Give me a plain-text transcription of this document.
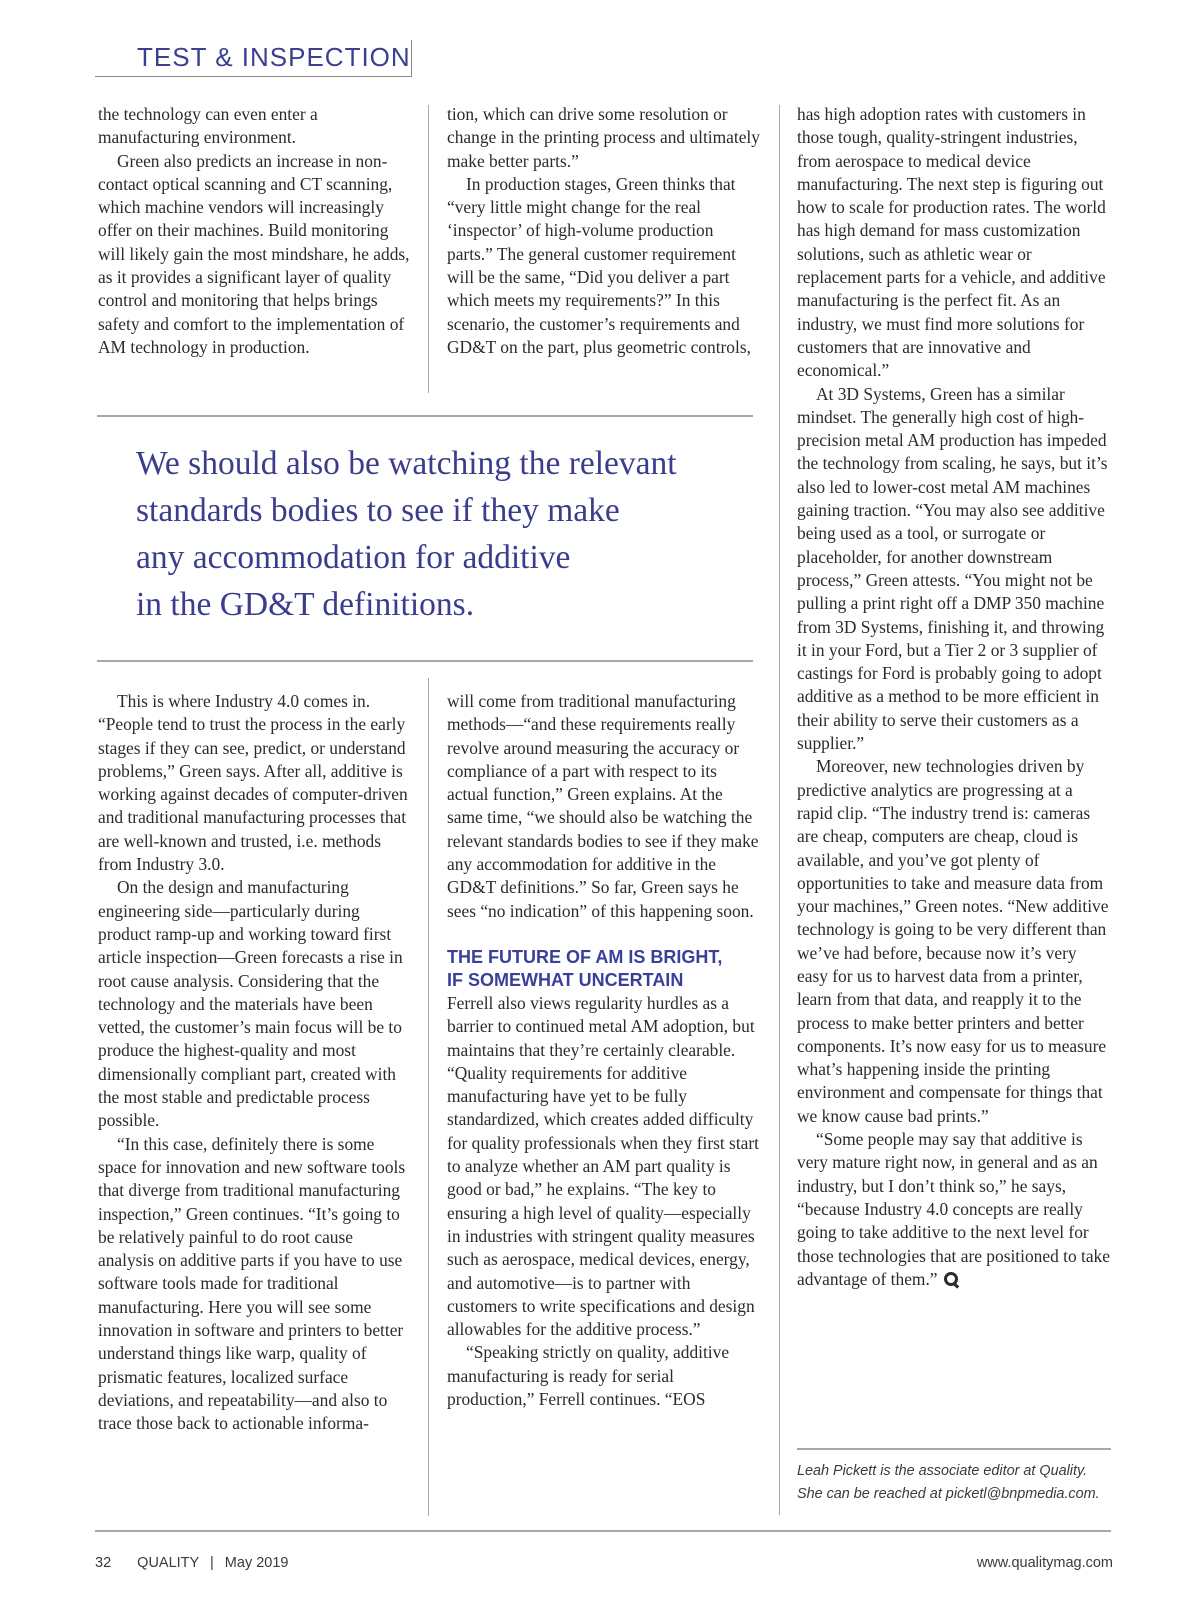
TEST & INSPECTION

the technology can even enter a manufacturing environment.

Green also predicts an increase in non-contact optical scanning and CT scanning, which machine vendors will increasingly offer on their machines. Build monitoring will likely gain the most mindshare, he adds, as it provides a significant layer of quality control and monitoring that helps brings safety and comfort to the implementation of AM technology in production.

tion, which can drive some resolution or change in the printing process and ultimately make better parts.”

In production stages, Green thinks that “very little might change for the real ‘inspector’ of high-volume production parts.” The general customer requirement will be the same, “Did you deliver a part which meets my requirements?” In this scenario, the customer’s requirements and GD&T on the part, plus geometric controls,

We should also be watching the relevant
standards bodies to see if they make
any accommodation for additive
in the GD&T definitions.

This is where Industry 4.0 comes in. “People tend to trust the process in the early stages if they can see, predict, or understand problems,” Green says. After all, additive is working against decades of computer-driven and traditional manufacturing processes that are well-known and trusted, i.e. methods from Industry 3.0.

On the design and manufacturing engineering side—particularly during product ramp-up and working toward first article inspection—Green forecasts a rise in root cause analysis. Considering that the technology and the materials have been vetted, the customer’s main focus will be to produce the highest-quality and most dimensionally compliant part, created with the most stable and predictable process possible.

“In this case, definitely there is some space for innovation and new software tools that diverge from traditional manufacturing inspection,” Green continues. “It’s going to be relatively painful to do root cause analysis on additive parts if you have to use software tools made for traditional manufacturing. Here you will see some innovation in software and printers to better understand things like warp, quality of prismatic features, localized surface deviations, and repeatability—and also to trace those back to actionable informa-

will come from traditional manufacturing methods—“and these requirements really revolve around measuring the accuracy or compliance of a part with respect to its actual function,” Green explains. At the same time, “we should also be watching the relevant standards bodies to see if they make any accommodation for additive in the GD&T definitions.” So far, Green says he sees “no indication” of this happening soon.

THE FUTURE OF AM IS BRIGHT,
IF SOMEWHAT UNCERTAIN

Ferrell also views regularity hurdles as a barrier to continued metal AM adoption, but maintains that they’re certainly clearable. “Quality requirements for additive manufacturing have yet to be fully standardized, which creates added difficulty for quality professionals when they first start to analyze whether an AM part quality is good or bad,” he explains. “The key to ensuring a high level of quality—especially in industries with stringent quality measures such as aerospace, medical devices, energy, and automotive—is to partner with customers to write specifications and design allowables for the additive process.”

“Speaking strictly on quality, additive manufacturing is ready for serial production,” Ferrell continues. “EOS

has high adoption rates with customers in those tough, quality-stringent industries, from aerospace to medical device manufacturing. The next step is figuring out how to scale for production rates. The world has high demand for mass customization solutions, such as athletic wear or replacement parts for a vehicle, and additive manufacturing is the perfect fit. As an industry, we must find more solutions for customers that are innovative and economical.”

At 3D Systems, Green has a similar mindset. The generally high cost of high-precision metal AM production has impeded the technology from scaling, he says, but it’s also led to lower-cost metal AM machines gaining traction. “You may also see additive being used as a tool, or surrogate or placeholder, for another downstream process,” Green attests. “You might not be pulling a print right off a DMP 350 machine from 3D Systems, finishing it, and throwing it in your Ford, but a Tier 2 or 3 supplier of castings for Ford is probably going to adopt additive as a method to be more efficient in their ability to serve their customers as a supplier.”

Moreover, new technologies driven by predictive analytics are progressing at a rapid clip. “The industry trend is: cameras are cheap, computers are cheap, cloud is available, and you’ve got plenty of opportunities to take and measure data from your machines,” Green notes. “New additive technology is going to be very different than we’ve had before, because now it’s very easy for us to harvest data from a printer, learn from that data, and reapply it to the process to make better printers and better components. It’s now easy for us to measure what’s happening inside the printing environment and compensate for things that we know cause bad prints.”

“Some people may say that additive is very mature right now, in general and as an industry, but I don’t think so,” he says, “because Industry 4.0 concepts are really going to take additive to the next level for those technologies that are positioned to take advantage of them.”

Leah Pickett is the associate editor at Quality.
She can be reached at picketl@bnpmedia.com.
32 QUALITY | May 2019	www.qualitymag.com
